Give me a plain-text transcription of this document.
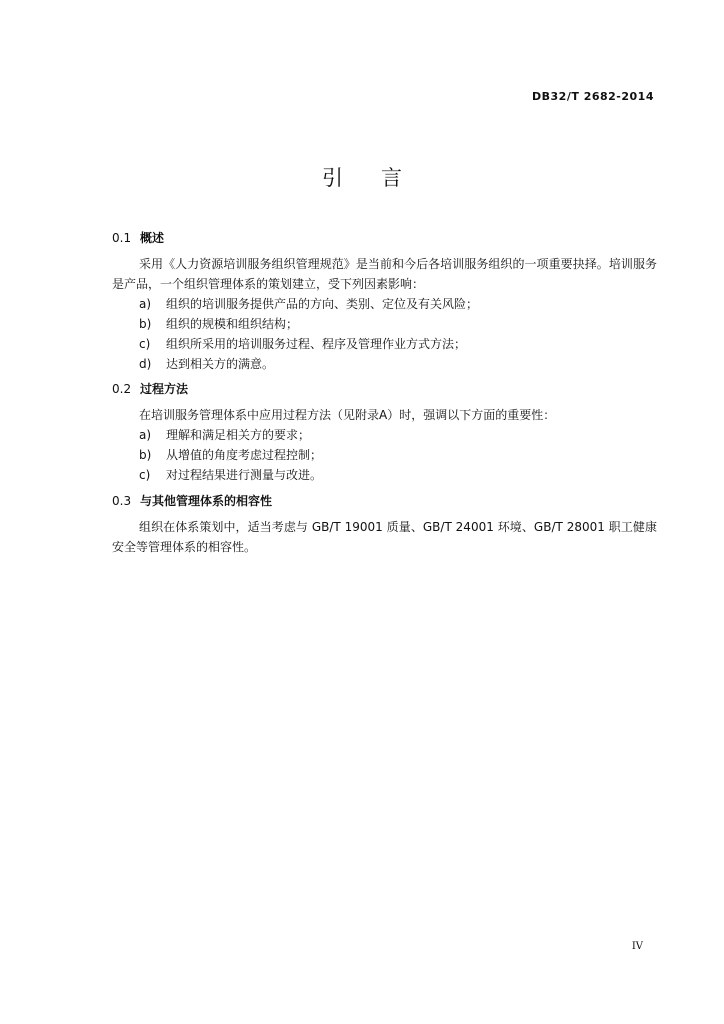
DB32/T 2682-2014
引言

0.1 概述

采用《人力资源培训服务组织管理规范》是当前和今后各培训服务组织的一项重要抉择。培训服务是产品，一个组织管理体系的策划建立，受下列因素影响：

a) 组织的培训服务提供产品的方向、类别、定位及有关风险；

b) 组织的规模和组织结构；

c) 组织所采用的培训服务过程、程序及管理作业方式方法；

d) 达到相关方的满意。

0.2 过程方法

在培训服务管理体系中应用过程方法（见附录A）时，强调以下方面的重要性：

a) 理解和满足相关方的要求；

b) 从增值的角度考虑过程控制；

c) 对过程结果进行测量与改进。

0.3 与其他管理体系的相容性

组织在体系策划中，适当考虑与 GB/T 19001 质量、GB/T 24001 环境、GB/T 28001 职工健康安全等管理体系的相容性。

IV
